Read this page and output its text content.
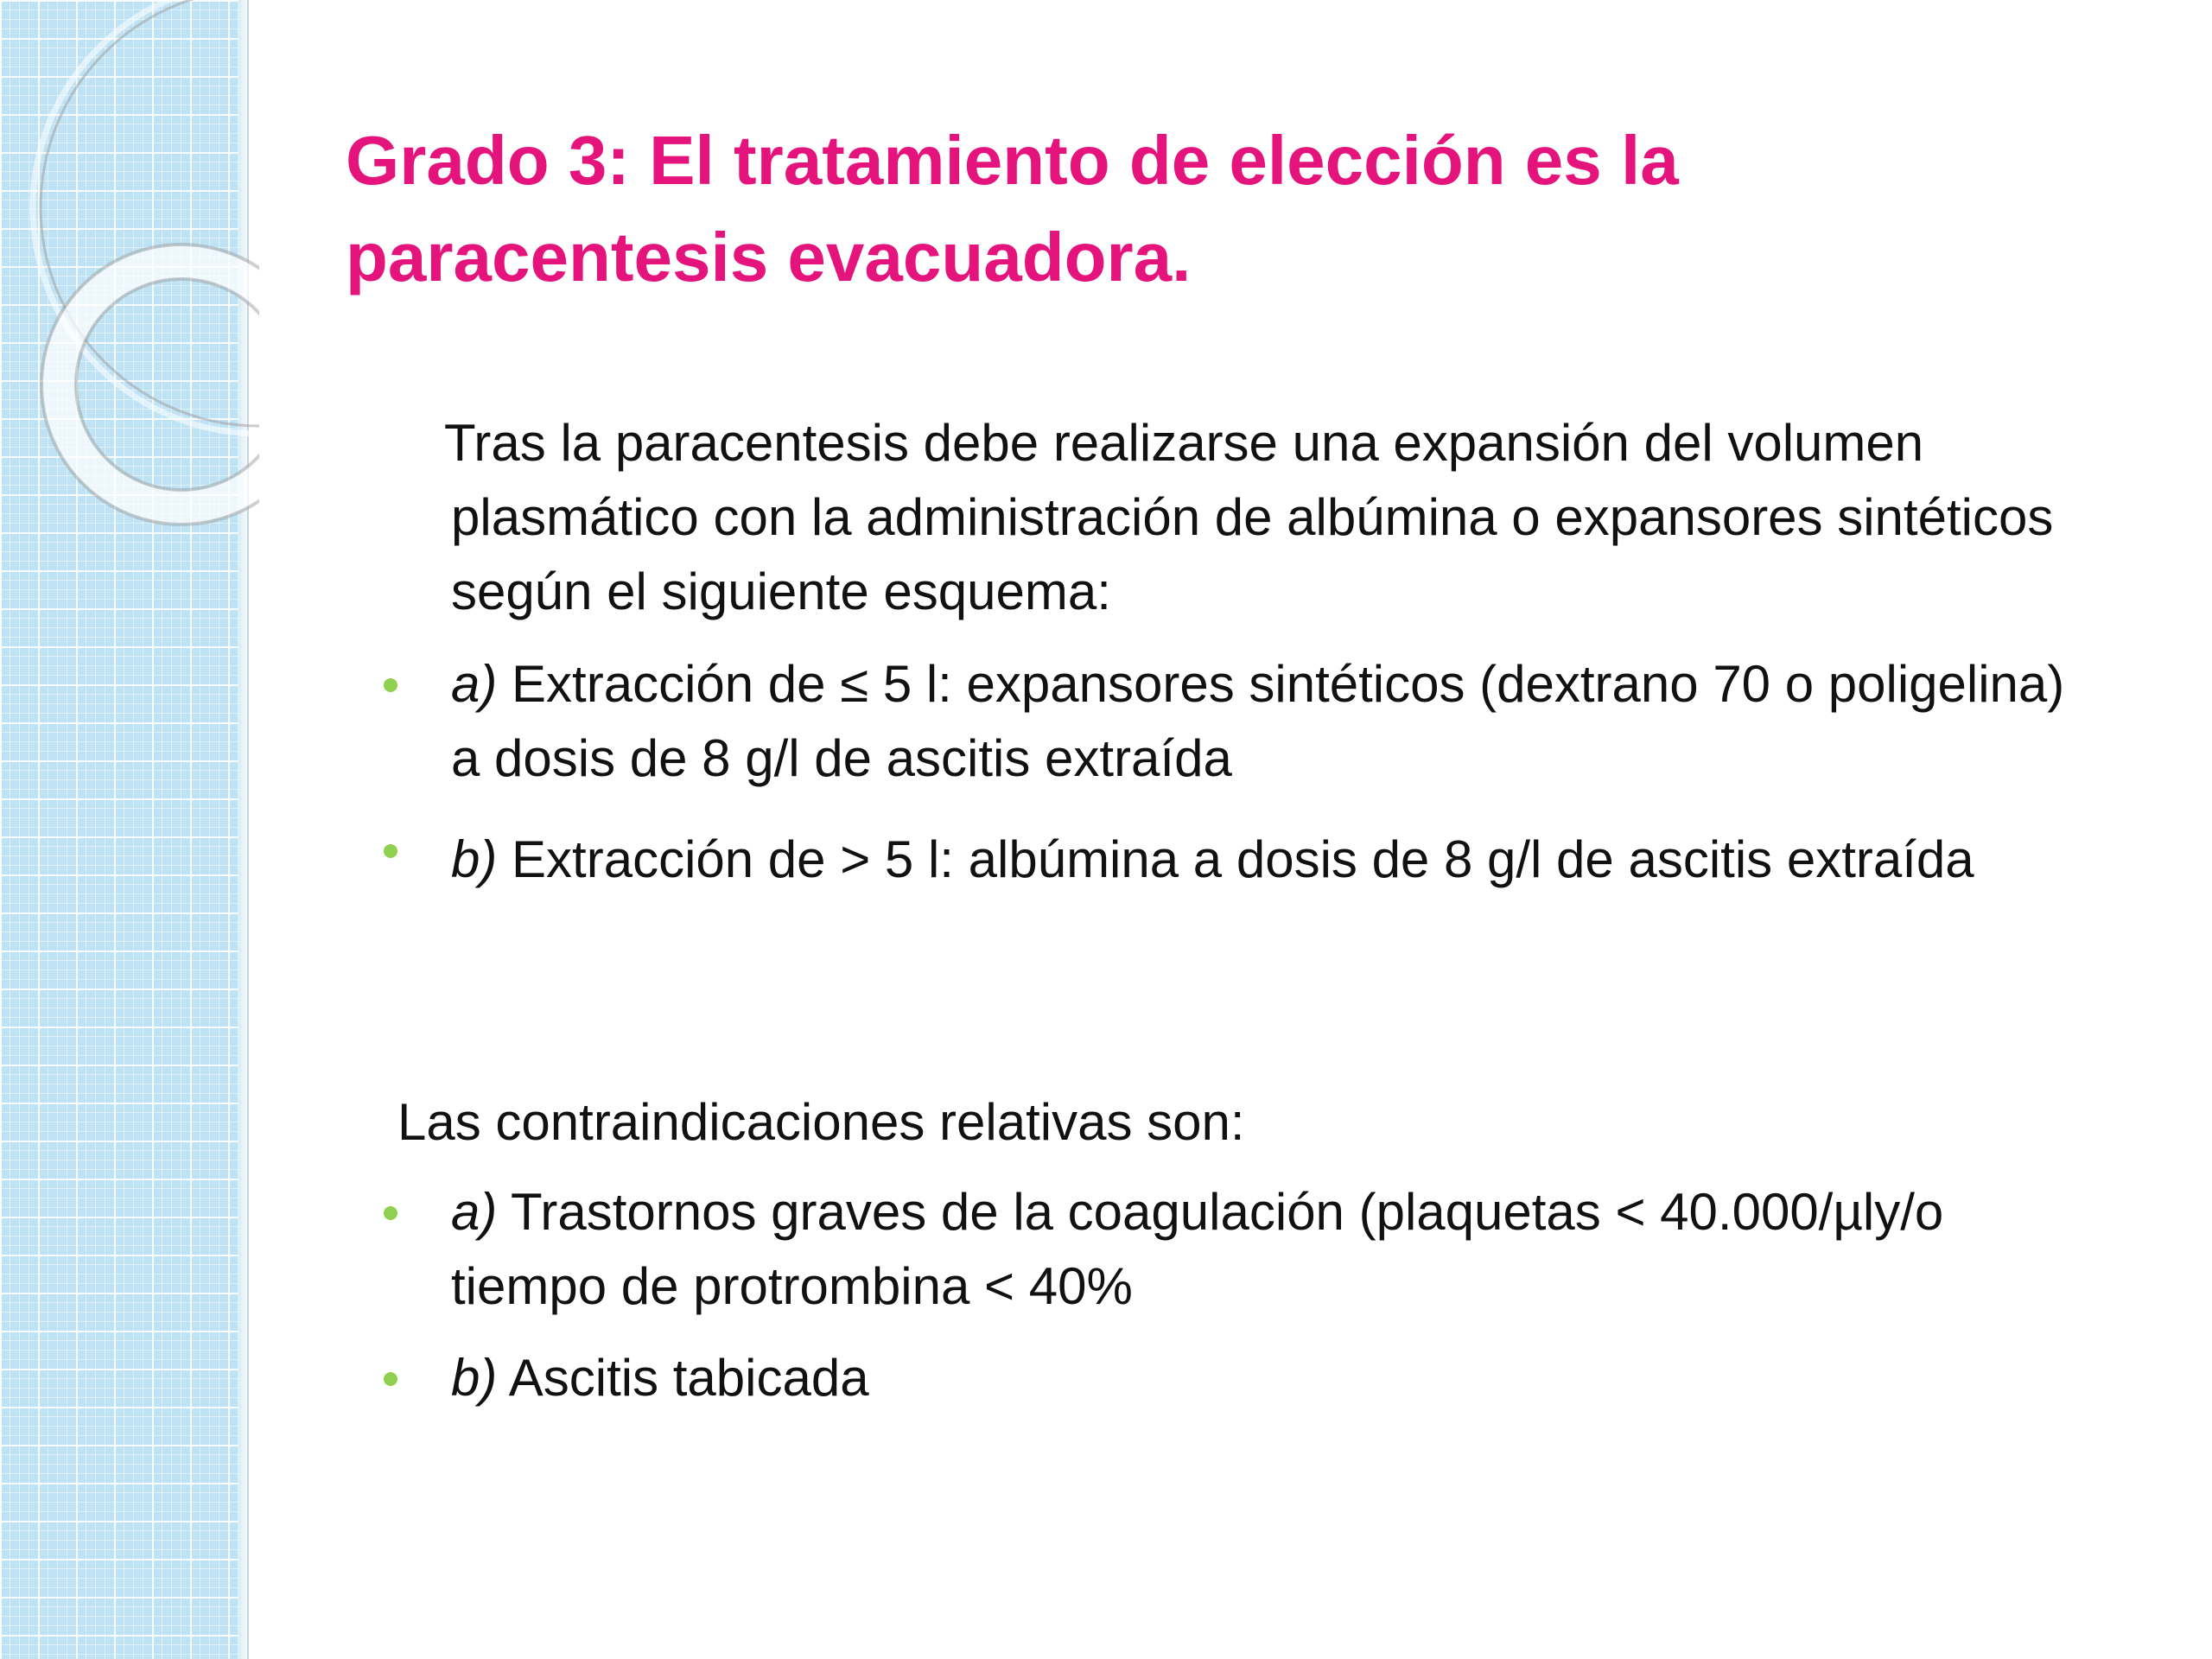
Grado 3: El tratamiento de elección es la paracentesis evacuadora.
Tras la paracentesis debe realizarse una expansión del volumen plasmático con la administración de albúmina o expansores sintéticos según el siguiente esquema:
a) Extracción de ≤ 5 l: expansores sintéticos (dextrano 70 o poligelina) a dosis de 8 g/l de ascitis extraída
b) Extracción de > 5 l: albúmina a dosis de 8 g/l de ascitis extraída
Las contraindicaciones relativas son:
a) Trastornos graves de la coagulación (plaquetas < 40.000/µly/o tiempo de protrombina < 40%
b) Ascitis tabicada
